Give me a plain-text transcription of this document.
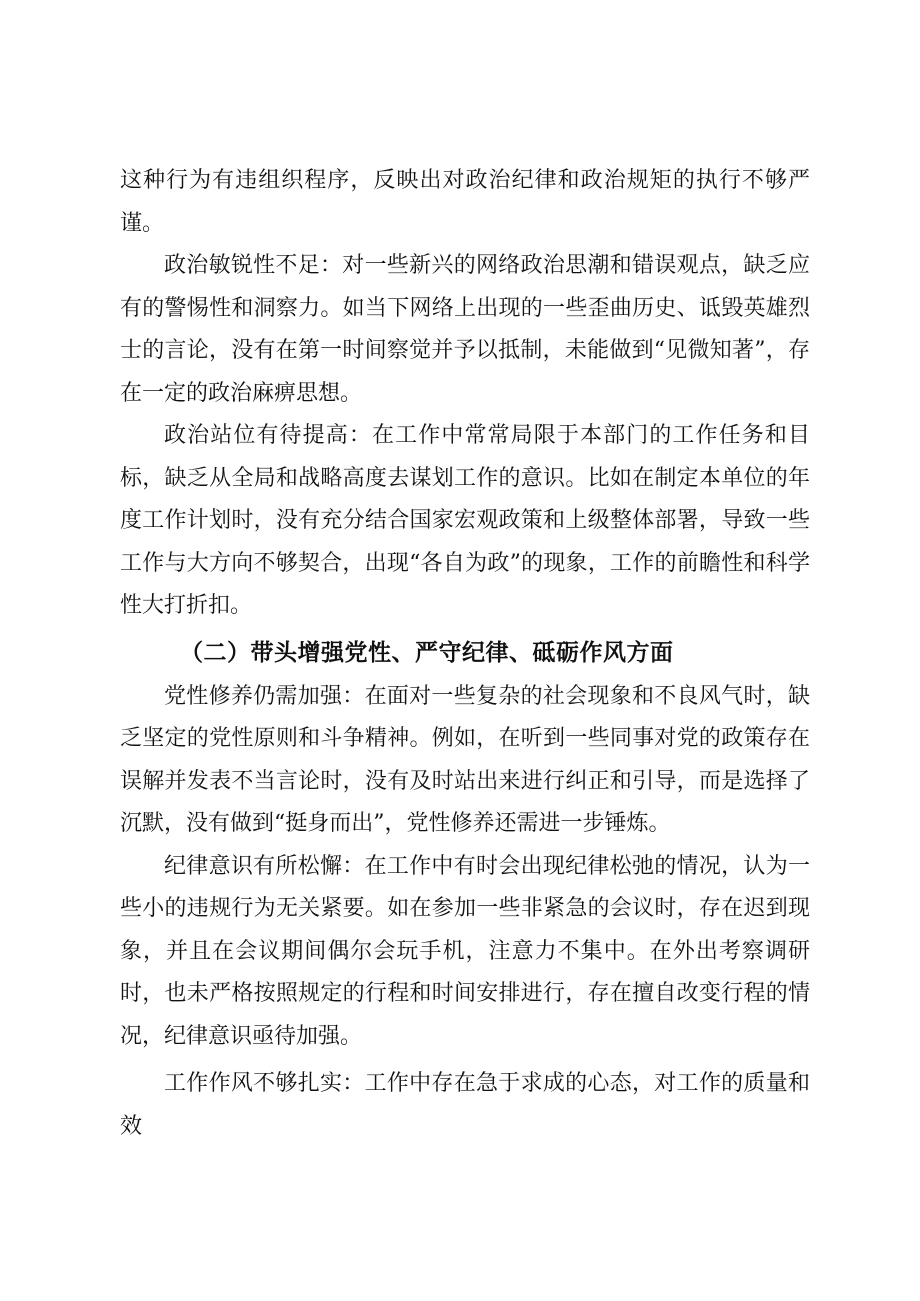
这种行为有违组织程序，反映出对政治纪律和政治规矩的执行不够严谨。

政治敏锐性不足：对一些新兴的网络政治思潮和错误观点，缺乏应有的警惕性和洞察力。如当下网络上出现的一些歪曲历史、诋毁英雄烈士的言论，没有在第一时间察觉并予以抵制，未能做到“见微知著”，存在一定的政治麻痹思想。

政治站位有待提高：在工作中常常局限于本部门的工作任务和目标，缺乏从全局和战略高度去谋划工作的意识。比如在制定本单位的年度工作计划时，没有充分结合国家宏观政策和上级整体部署，导致一些工作与大方向不够契合，出现“各自为政”的现象，工作的前瞻性和科学性大打折扣。

（二）带头增强党性、严守纪律、砥砺作风方面

党性修养仍需加强：在面对一些复杂的社会现象和不良风气时，缺乏坚定的党性原则和斗争精神。例如，在听到一些同事对党的政策存在误解并发表不当言论时，没有及时站出来进行纠正和引导，而是选择了沉默，没有做到“挺身而出”，党性修养还需进一步锤炼。

纪律意识有所松懈：在工作中有时会出现纪律松弛的情况，认为一些小的违规行为无关紧要。如在参加一些非紧急的会议时，存在迟到现象，并且在会议期间偶尔会玩手机，注意力不集中。在外出考察调研时，也未严格按照规定的行程和时间安排进行，存在擅自改变行程的情况，纪律意识亟待加强。

工作作风不够扎实：工作中存在急于求成的心态，对工作的质量和效
